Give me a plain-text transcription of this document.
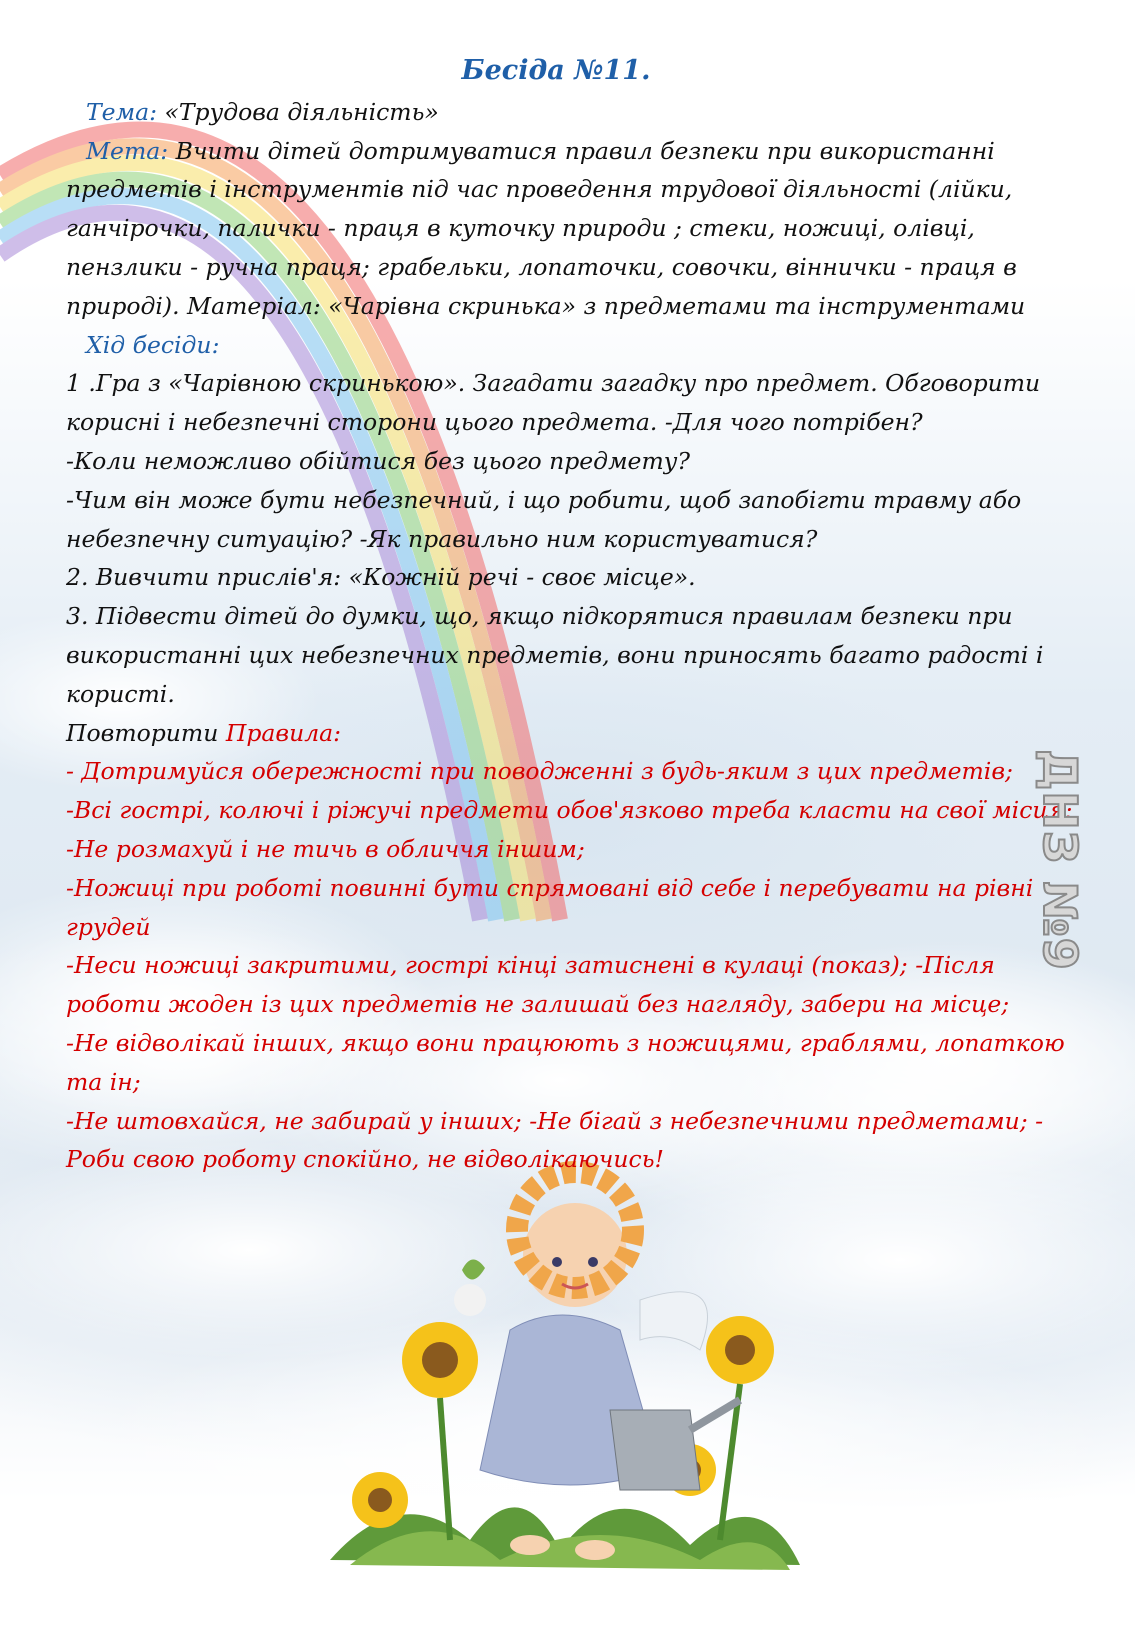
Бесіда №11.

Тема: «Трудова діяльність»

Мета: Вчити дітей дотримуватися правил безпеки при використанні

предметів і інструментів під час проведення трудової діяльності (лійки,

ганчірочки, палички - праця в куточку природи ; стеки, ножиці, олівці,

пензлики - ручна праця; грабельки, лопаточки, совочки, віннички - праця в

природі). Матеріал: «Чарівна скринька» з предметами та інструментами

Хід бесіди:

1 .Гра з «Чарівною скринькою». Загадати загадку про предмет. Обговорити

корисні і небезпечні сторони цього предмета. -Для чого потрібен?

-Коли неможливо обійтися без цього предмету?

-Чим він може бути небезпечний, і що робити, щоб запобігти травму або

небезпечну ситуацію? -Як правильно ним користуватися?

2. Вивчити прислів'я: «Кожній речі - своє місце».

3. Підвести дітей до думки, що, якщо підкорятися правилам безпеки при

використанні цих небезпечних предметів, вони приносять багато радості і

користі.

Повторити Правила:

- Дотримуйся обережності при поводженні з будь-яким з цих предметів;

-Всі гострі, колючі і ріжучі предмети обов'язково треба класти на свої місця;

-Не розмахуй і не тичь в обличчя іншим;

-Ножиці при роботі повинні бути спрямовані від себе і перебувати на рівні

грудей

-Неси ножиці закритими, гострі кінці затиснені в кулаці (показ); -Після

роботи жоден із цих предметів не залишай без нагляду, забери на місце;

-Не відволікай інших, якщо вони працюють з ножицями, граблями, лопаткою

та ін;

-Не штовхайся, не забирай у інших; -Не бігай з небезпечними предметами; -

Роби свою роботу спокійно, не відволікаючись!

ДНЗ №9
